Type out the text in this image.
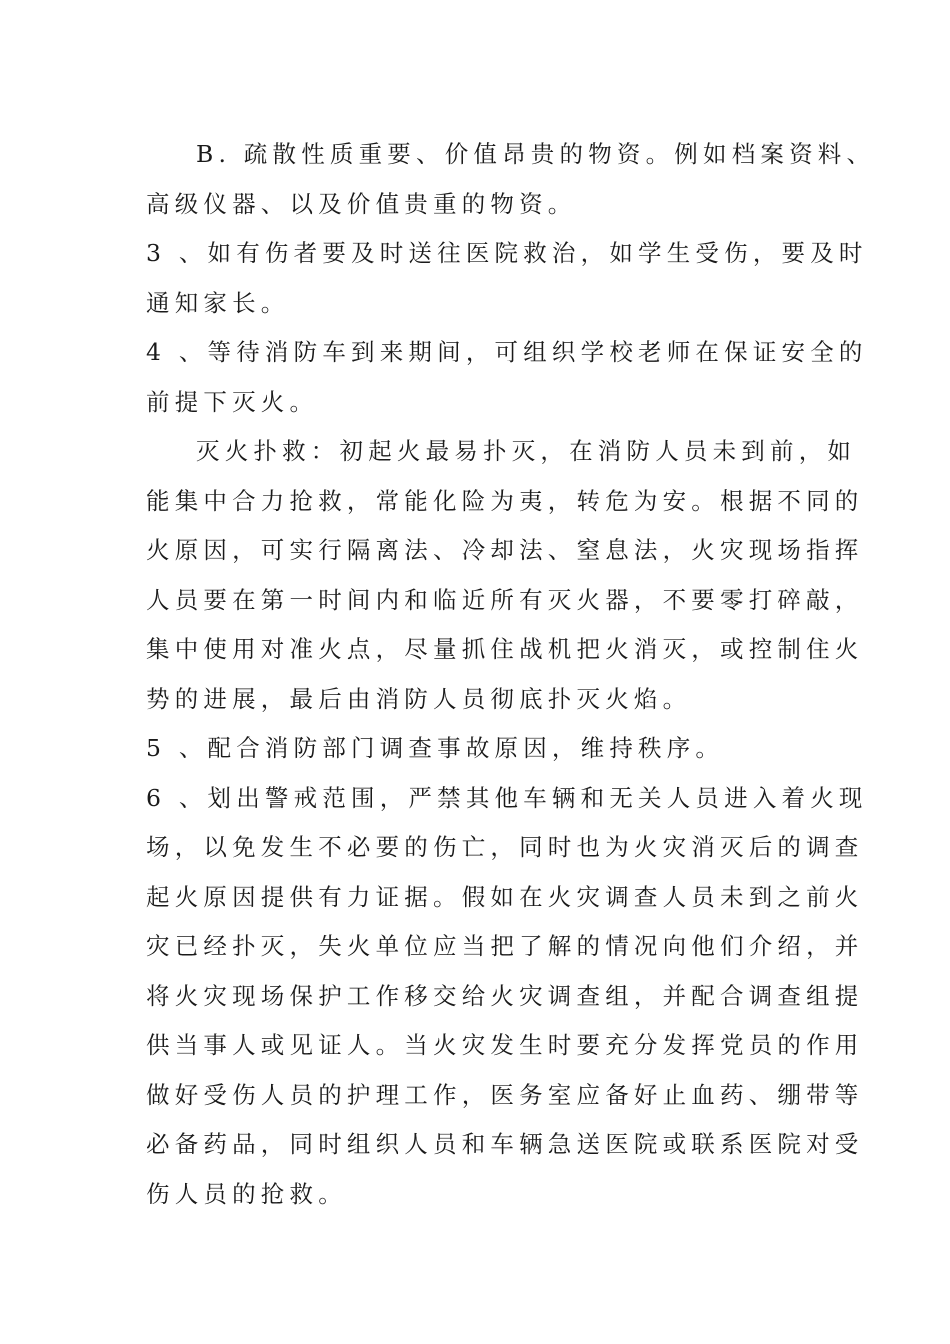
B. 疏散性质重要、价值昂贵的物资。例如档案资料、
高级仪器、以及价值贵重的物资。
3 、如有伤者要及时送往医院救治，如学生受伤，要及时
通知家长。
4 、等待消防车到来期间，可组织学校老师在保证安全的
前提下灭火。
灭火扑救：初起火最易扑灭，在消防人员未到前，如
能集中合力抢救，常能化险为夷，转危为安。根据不同的
火原因，可实行隔离法、冷却法、窒息法，火灾现场指挥
人员要在第一时间内和临近所有灭火器，不要零打碎敲，
集中使用对准火点，尽量抓住战机把火消灭，或控制住火
势的进展，最后由消防人员彻底扑灭火焰。
5 、配合消防部门调查事故原因，维持秩序。
6 、划出警戒范围，严禁其他车辆和无关人员进入着火现
场，以免发生不必要的伤亡，同时也为火灾消灭后的调查
起火原因提供有力证据。假如在火灾调查人员未到之前火
灾已经扑灭，失火单位应当把了解的情况向他们介绍，并
将火灾现场保护工作移交给火灾调查组，并配合调查组提
供当事人或见证人。当火灾发生时要充分发挥党员的作用
做好受伤人员的护理工作，医务室应备好止血药、绷带等
必备药品，同时组织人员和车辆急送医院或联系医院对受
伤人员的抢救。
